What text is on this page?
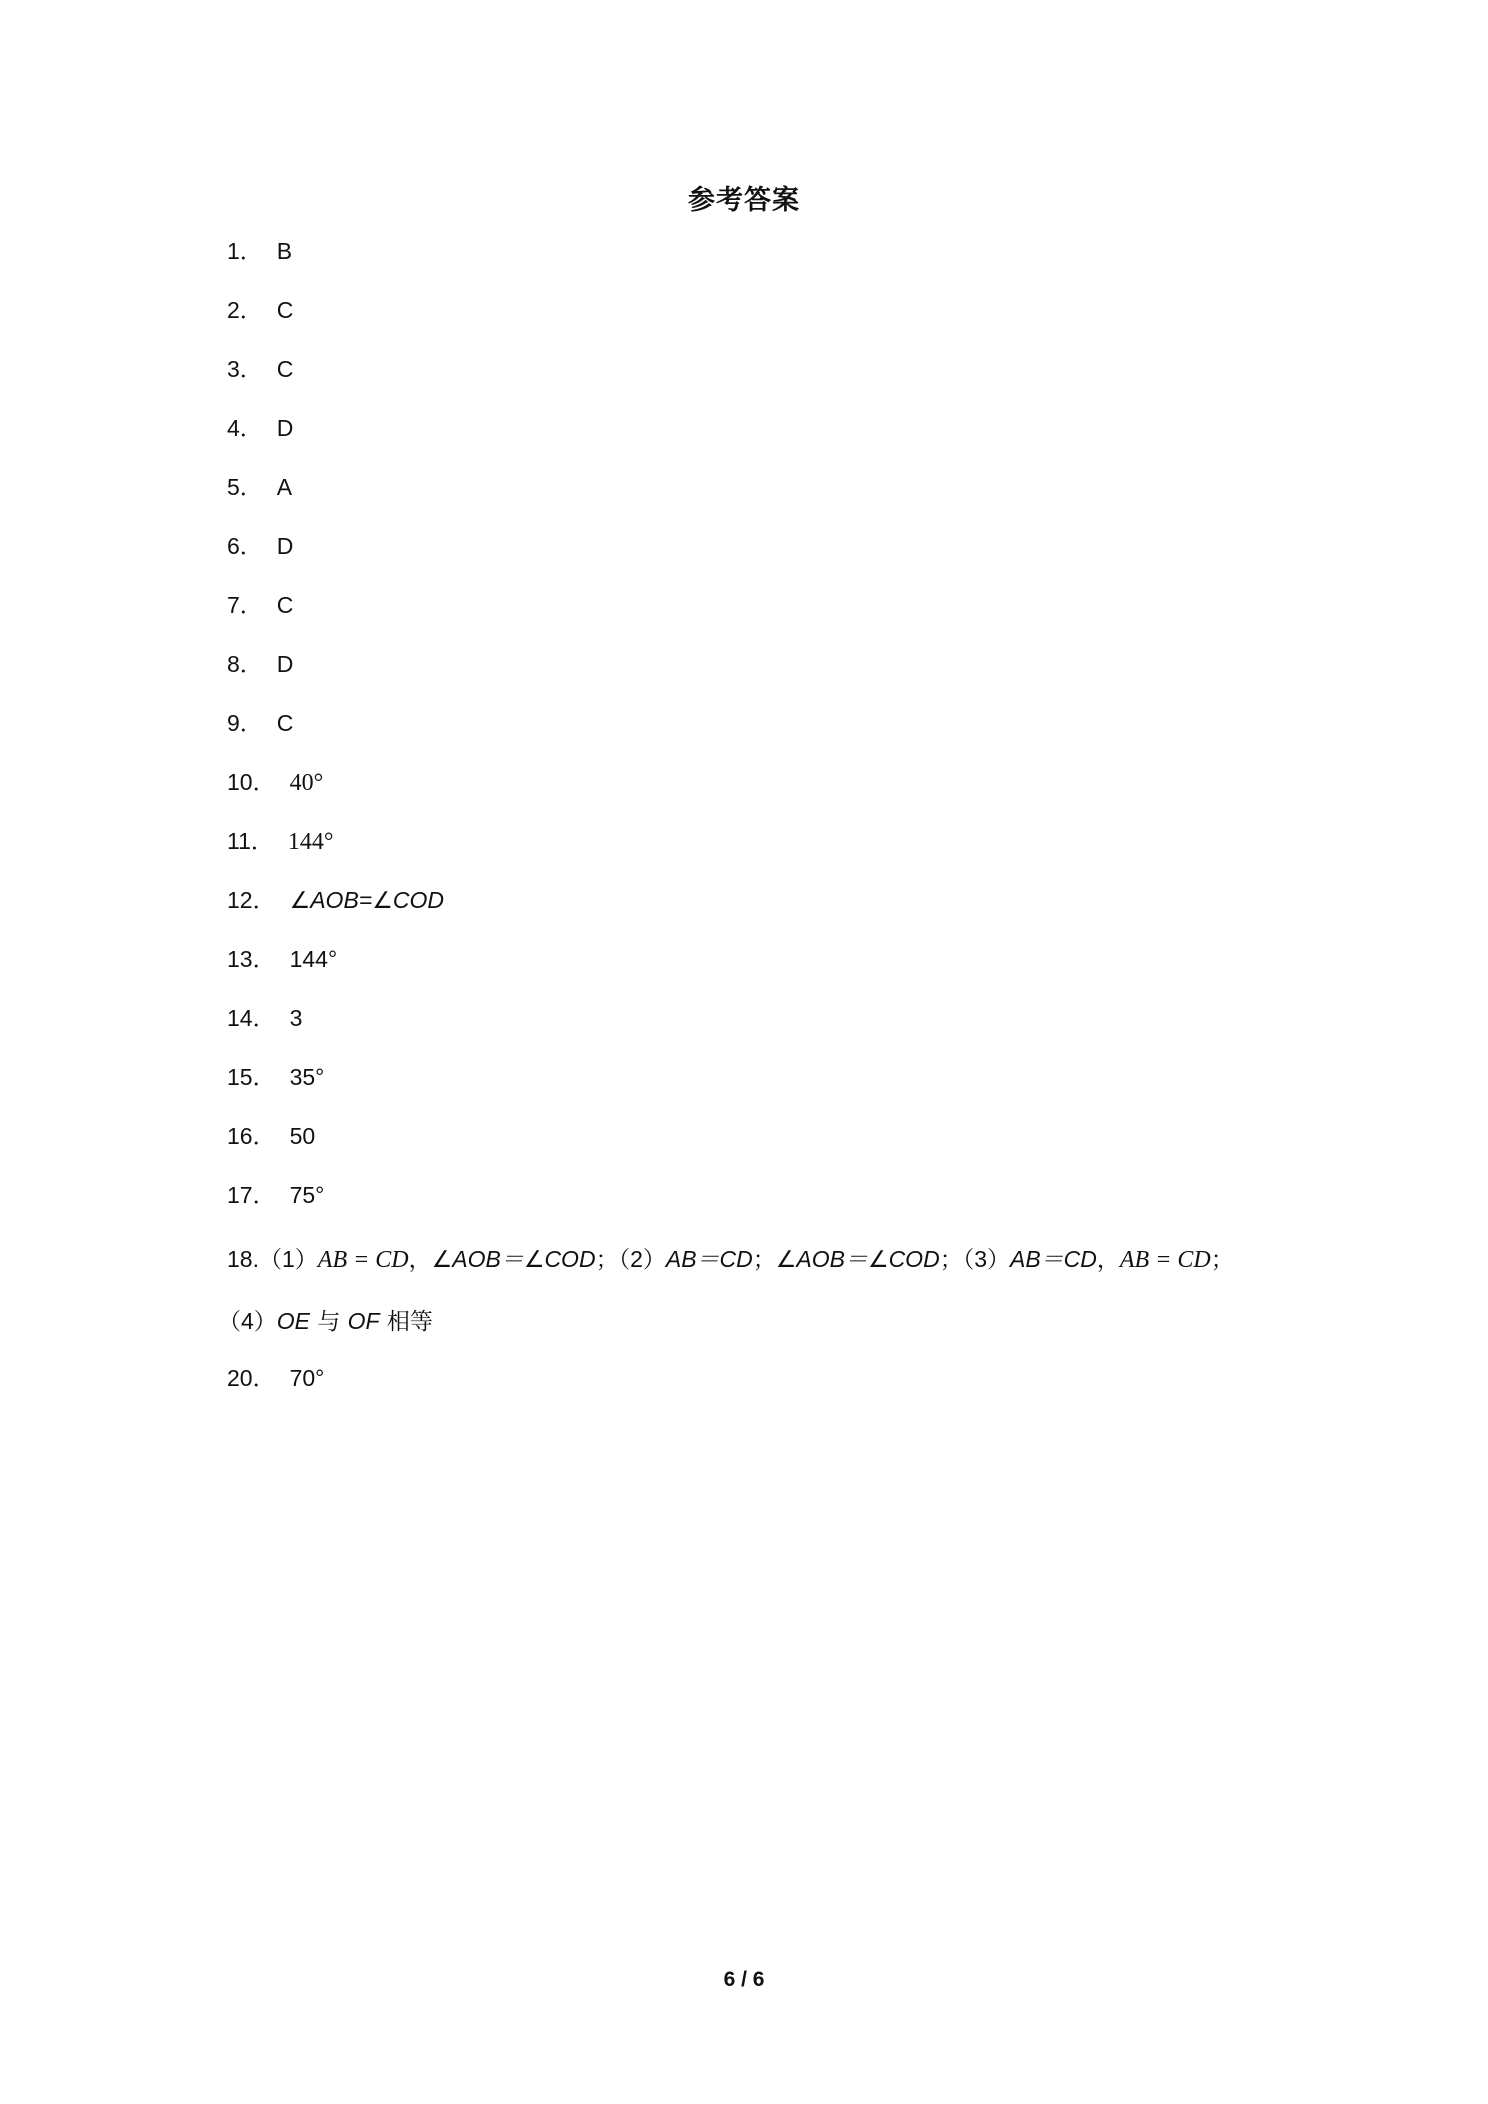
参考答案
1． B
2． C
3． C
4． D
5． A
6． D
7． C
8． D
9． C
10． 40°
11． 144°
12． ∠AOB=∠COD
13． 144°
14． 3
15． 35°
16． 50
17． 75°
18.（1）AB = CD，∠AOB＝∠COD；（2）AB＝CD；∠AOB＝∠COD；（3）AB＝CD，AB = CD；
（4）OE 与 OF 相等
20． 70°
6 / 6
